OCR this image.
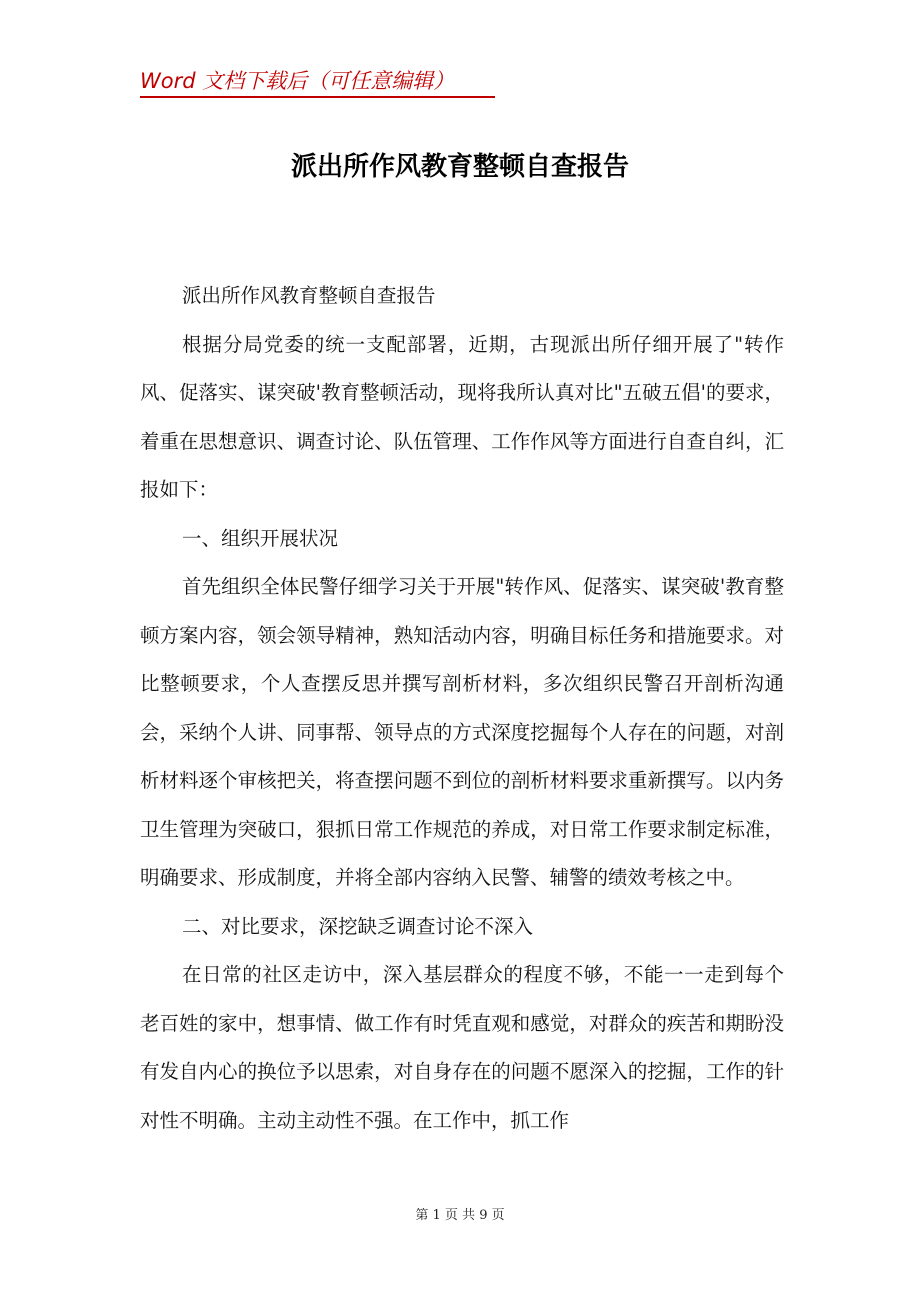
Word 文档下载后（可任意编辑）
派出所作风教育整顿自查报告

派出所作风教育整顿自查报告

根据分局党委的统一支配部署，近期，古现派出所仔细开展了"转作风、促落实、谋突破'教育整顿活动，现将我所认真对比"五破五倡'的要求，着重在思想意识、调查讨论、队伍管理、工作作风等方面进行自查自纠，汇报如下：

一、组织开展状况

首先组织全体民警仔细学习关于开展"转作风、促落实、谋突破'教育整顿方案内容，领会领导精神，熟知活动内容，明确目标任务和措施要求。对比整顿要求，个人查摆反思并撰写剖析材料，多次组织民警召开剖析沟通会，采纳个人讲、同事帮、领导点的方式深度挖掘每个人存在的问题，对剖析材料逐个审核把关，将查摆问题不到位的剖析材料要求重新撰写。以内务卫生管理为突破口，狠抓日常工作规范的养成，对日常工作要求制定标准，明确要求、形成制度，并将全部内容纳入民警、辅警的绩效考核之中。

二、对比要求，深挖缺乏调查讨论不深入

在日常的社区走访中，深入基层群众的程度不够，不能一一走到每个老百姓的家中，想事情、做工作有时凭直观和感觉，对群众的疾苦和期盼没有发自内心的换位予以思索，对自身存在的问题不愿深入的挖掘，工作的针对性不明确。主动主动性不强。在工作中，抓工作

第 1 页 共 9 页
